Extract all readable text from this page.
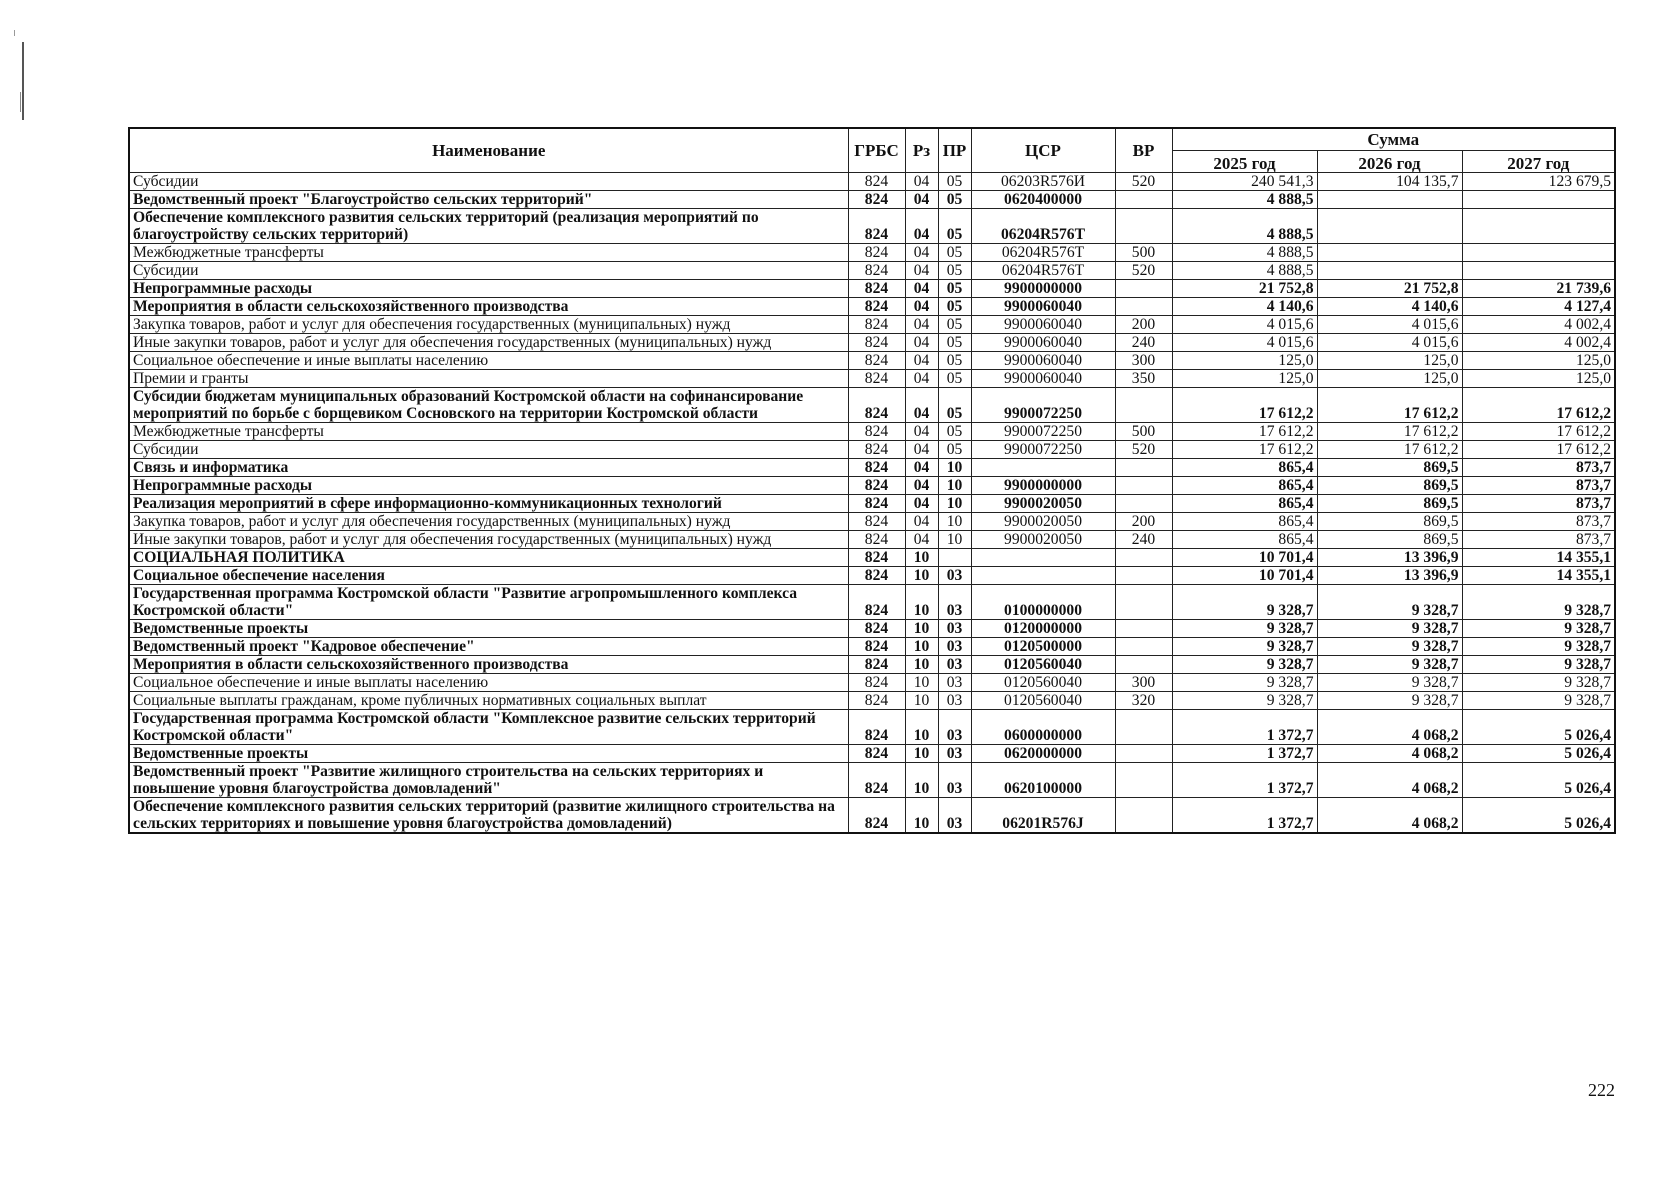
Наименование	ГРБС	Рз	ПР	ЦСР	ВР	Сумма		
						2025 год	2026 год	2027 год
Субсидии	824	04	05	06203R576И	520	240 541,3	104 135,7	123 679,5
Ведомственный проект "Благоустройство сельских территорий"	824	04	05	0620400000		4 888,5		
Обеспечение комплексного развития сельских территорий (реализация мероприятий по благоустройству сельских территорий)	824	04	05	06204R576T		4 888,5		
Межбюджетные трансферты	824	04	05	06204R576T	500	4 888,5		
Субсидии	824	04	05	06204R576T	520	4 888,5		
Непрограммные расходы	824	04	05	9900000000		21 752,8	21 752,8	21 739,6
Мероприятия в области сельскохозяйственного производства	824	04	05	9900060040		4 140,6	4 140,6	4 127,4
Закупка товаров, работ и услуг для обеспечения государственных (муниципальных) нужд	824	04	05	9900060040	200	4 015,6	4 015,6	4 002,4
Иные закупки товаров, работ и услуг для обеспечения государственных (муниципальных) нужд	824	04	05	9900060040	240	4 015,6	4 015,6	4 002,4
Социальное обеспечение и иные выплаты населению	824	04	05	9900060040	300	125,0	125,0	125,0
Премии и гранты	824	04	05	9900060040	350	125,0	125,0	125,0
Субсидии бюджетам муниципальных образований Костромской области на софинансирование мероприятий по борьбе с борщевиком Сосновского на территории Костромской области	824	04	05	9900072250		17 612,2	17 612,2	17 612,2
Межбюджетные трансферты	824	04	05	9900072250	500	17 612,2	17 612,2	17 612,2
Субсидии	824	04	05	9900072250	520	17 612,2	17 612,2	17 612,2
Связь и информатика	824	04	10			865,4	869,5	873,7
Непрограммные расходы	824	04	10	9900000000		865,4	869,5	873,7
Реализация мероприятий в сфере информационно-коммуникационных технологий	824	04	10	9900020050		865,4	869,5	873,7
Закупка товаров, работ и услуг для обеспечения государственных (муниципальных) нужд	824	04	10	9900020050	200	865,4	869,5	873,7
Иные закупки товаров, работ и услуг для обеспечения государственных (муниципальных) нужд	824	04	10	9900020050	240	865,4	869,5	873,7
СОЦИАЛЬНАЯ ПОЛИТИКА	824	10				10 701,4	13 396,9	14 355,1
Социальное обеспечение населения	824	10	03			10 701,4	13 396,9	14 355,1
Государственная программа Костромской области "Развитие агропромышленного комплекса Костромской области"	824	10	03	0100000000		9 328,7	9 328,7	9 328,7
Ведомственные проекты	824	10	03	0120000000		9 328,7	9 328,7	9 328,7
Ведомственный проект "Кадровое обеспечение"	824	10	03	0120500000		9 328,7	9 328,7	9 328,7
Мероприятия в области сельскохозяйственного производства	824	10	03	0120560040		9 328,7	9 328,7	9 328,7
Социальное обеспечение и иные выплаты населению	824	10	03	0120560040	300	9 328,7	9 328,7	9 328,7
Социальные выплаты гражданам, кроме публичных нормативных социальных выплат	824	10	03	0120560040	320	9 328,7	9 328,7	9 328,7
Государственная программа Костромской области "Комплексное развитие сельских территорий Костромской области"	824	10	03	0600000000		1 372,7	4 068,2	5 026,4
Ведомственные проекты	824	10	03	0620000000		1 372,7	4 068,2	5 026,4
Ведомственный проект "Развитие жилищного строительства на сельских территориях и повышение уровня благоустройства домовладений"	824	10	03	0620100000		1 372,7	4 068,2	5 026,4
Обеспечение комплексного развития сельских территорий (развитие жилищного строительства на сельских территориях и повышение уровня благоустройства домовладений)	824	10	03	06201R576J		1 372,7	4 068,2	5 026,4
222
